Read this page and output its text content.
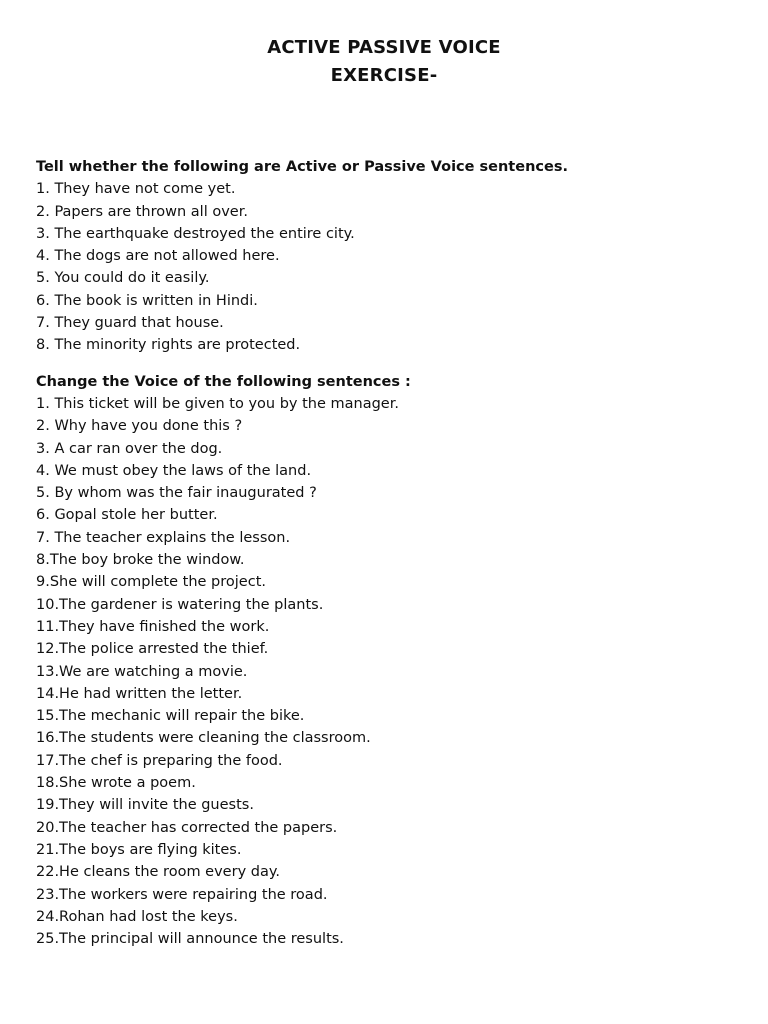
ACTIVE PASSIVE VOICE
EXERCISE-
Tell whether the following are Active or Passive Voice sentences.
1. They have not come yet.
2. Papers are thrown all over.
3. The earthquake destroyed the entire city.
4. The dogs are not allowed here.
5. You could do it easily.
6. The book is written in Hindi.
7. They guard that house.
8. The minority rights are protected.
Change the Voice of the following sentences :
1. This ticket will be given to you by the manager.
2. Why have you done this ?
3. A car ran over the dog.
4. We must obey the laws of the land.
5. By whom was the fair inaugurated ?
6. Gopal stole her butter.
7. The teacher explains the lesson.
8.The boy broke the window.
9.She will complete the project.
10.The gardener is watering the plants.
11.They have finished the work.
12.The police arrested the thief.
13.We are watching a movie.
14.He had written the letter.
15.The mechanic will repair the bike.
16.The students were cleaning the classroom.
17.The chef is preparing the food.
18.She wrote a poem.
19.They will invite the guests.
20.The teacher has corrected the papers.
21.The boys are flying kites.
22.He cleans the room every day.
23.The workers were repairing the road.
24.Rohan had lost the keys.
25.The principal will announce the results.
